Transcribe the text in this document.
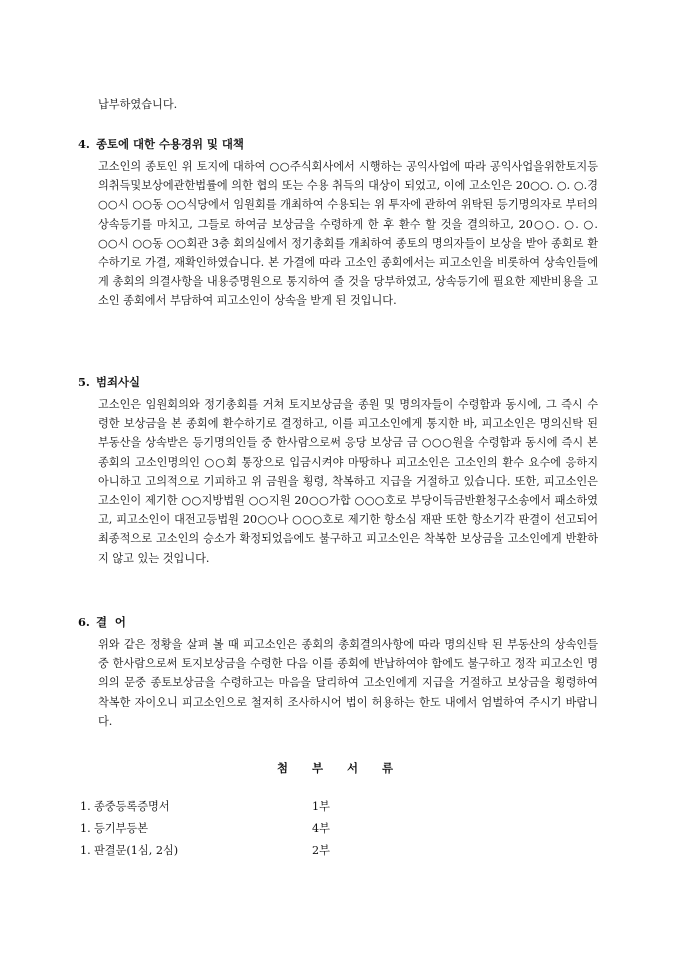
납부하였습니다.

4. 종토에 대한 수용경위 및 대책

고소인의 종토인 위 토지에 대하여 ○○주식회사에서 시행하는 공익사업에 따라 공익사업을위한토지등의취득및보상에관한법률에 의한 협의 또는 수용 취득의 대상이 되었고, 이에 고소인은 20○○. ○. ○.경 ○○시 ○○동 ○○식당에서 임원회를 개최하여 수용되는 위 투자에 관하여 위탁된 등기명의자로 부터의 상속등기를 마치고, 그들로 하여금 보상금을 수령하게 한 후 환수 할 것을 결의하고, 20○○. ○. ○. ○○시 ○○동 ○○회관 3층 회의실에서 정기총회를 개최하여 종토의 명의자들이 보상을 받아 종회로 환수하기로 가결, 재확인하였습니다. 본 가결에 따라 고소인 종회에서는 피고소인을 비롯하여 상속인들에게 총회의 의결사항을 내용증명원으로 통지하여 줄 것을 당부하였고, 상속등기에 필요한 제반비용을 고소인 종회에서 부담하여 피고소인이 상속을 받게 된 것입니다.

5. 범죄사실

고소인은 임원회의와 정기총회를 거쳐 토지보상금을 종원 및 명의자들이 수령함과 동시에, 그 즉시 수령한 보상금을 본 종회에 환수하기로 결정하고, 이를 피고소인에게 통지한 바, 피고소인은 명의신탁 된 부동산을 상속받은 등기명의인들 중 한사람으로써 응당 보상금 금 ○○○원을 수령함과 동시에 즉시 본 종회의 고소인명의인 ○○회 통장으로 입금시켜야 마땅하나 피고소인은 고소인의 환수 요수에 응하지 아니하고 고의적으로 기피하고 위 금원을 횡령, 착복하고 지급을 거절하고 있습니다. 또한, 피고소인은 고소인이 제기한 ○○지방법원 ○○지원 20○○가합 ○○○호로 부당이득금반환청구소송에서 패소하였고, 피고소인이 대전고등법원 20○○나 ○○○호로 제기한 항소심 재판 또한 항소기각 판결이 선고되어 최종적으로 고소인의 승소가 확정되었음에도 불구하고 피고소인은 착복한 보상금을 고소인에게 반환하지 않고 있는 것입니다.

6. 결  어

위와 같은 정황을 살펴 볼 때 피고소인은 종회의 총회결의사항에 따라 명의신탁 된 부동산의 상속인들 중 한사람으로써 토지보상금을 수령한 다음 이를 종회에 반납하여야 함에도 불구하고 정작 피고소인 명의의 문중 종토보상금을 수령하고는 마음을 달리하여 고소인에게 지급을 거절하고 보상금을 횡령하여 착복한 자이오니 피고소인으로 철저히 조사하시어 법이 허용하는 한도 내에서 엄벌하여 주시기 바랍니다.

첨 부 서 류
1. 종중등록증명서	1부
1. 등기부등본	4부
1. 판결문(1심, 2심)	2부
